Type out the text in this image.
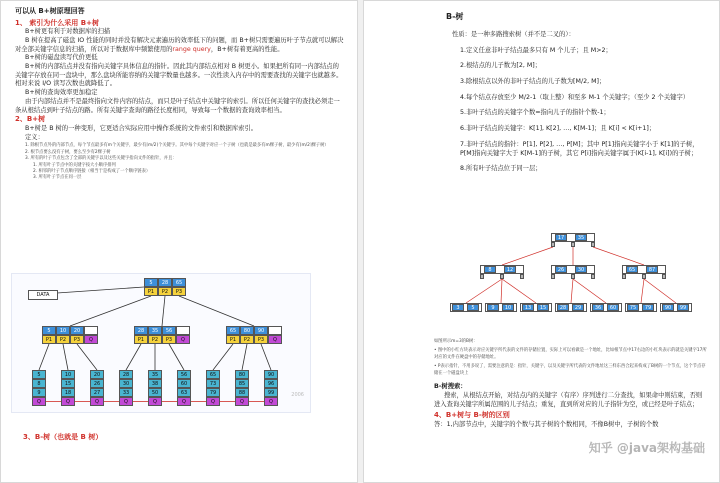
可以从 B+树原理回答
1、 索引为什么采用 B+树
B+树更有利于对数据库的扫描
B 树在提高了磁盘 IO 性能的同时并没有解决元素遍历的效率低下的问题，而 B+树只需要遍历叶子节点就可以解决对全部关键字信息的扫描，所以对于数据库中频繁使用的range query，B+树有着更高的性能。
B+树的磁盘读写代价更低
B+树的内部结点并没有指向关键字具体信息的指针。因此其内部结点相对 B 树更小。如果把所有同一内部结点的关键字存放在同一盘块中，那么盘块所能容纳的关键字数量也越多。一次性读入内存中的需要查找的关键字也就越多。相对来说 I/O 读写次数也就降低了。
B+树的查询效率更加稳定
由于内部结点并不是最终指向文件内容的结点，而只是叶子结点中关键字的索引。所以任何关键字的查找必须走一条从根结点到叶子结点的路。所有关键字查询的路径长度相同，导致每一个数据的查询效率相当。
2、B+树
B+树是 B 树的一种变形，它更适合实际应用中操作系统的文件索引和数据库索引。
定义：
1. 除根节点外的内部节点，每个节点最多有m个关键字，最少有⌈m/2⌉个关键字。其中每个关键字对应一个子树（也就是最多有m棵子树，最少有⌈m/2⌉棵子树）
2. 根节点要么没有子树，要么至少有2棵子树
3. 所有的叶子节点包含了全部的关键字以及这些关键字指向文件的指针，并且：
1. 所有叶子节点中的关键字按大小顺序排列
2. 相邻的叶子节点顺序链接（相当于是构成了一个顺序链表）
3. 所有叶子节点在同一层
DATA
5	28	65
P1	P2	P3
5	10	20
P1	P2	P3	Q
28	35	56
P1	P2	P3	Q
65	80	90
P1	P2	P3	Q
5
8
9
Q
10
15
18
Q
20
26
27
Q
28
30
33
Q
35
38
50
Q
56
60
63
Q
65
73
79
Q
80
85
88
Q
90
96
99
Q
2006
3、B-树（也就是 B 树）
B-树
性质：是一种多路搜索树（并不是二叉的）：
1.定义任意非叶子结点最多只有 M 个儿子；且 M>2；
2.根结点的儿子数为[2, M]；
3.除根结点以外的非叶子结点的儿子数为[M/2, M]；
4.每个结点存放至少 M/2-1（取上整）和至多 M-1 个关键字；（至少 2 个关键字）
5.非叶子结点的关键字个数=指向儿子的指针个数-1；
6.非叶子结点的关键字：K[1], K[2], …, K[M-1]；且 K[i] < K[i+1]；
7.非叶子结点的指针：P[1], P[2], …, P[M]；其中 P[1]指向关键字小于 K[1]的子树，P[M]指向关键字大于 K[M-1]的子树，其它 P[i]指向关键字属于(K[i-1], K[i])的子树；
8.所有叶子结点位于同一层；
17	35
8	12	26	30	65	87
3	5	9	10	13	15	28	29	36	60	75	79	90	99
如图所示m=3的B树：
• 图中的小红方块表示对应关键字所代表的文件的存储位置，实际上可以看做是一个地址，比如根节点中17右边的小红块表示的就是关键字17所对应的文件在硬盘中的存储地址。
• P表示指针，不用多说了，需要注意的是：指针，关键字，以及关键字所代表的文件地址这三样东西合起来构成了B树的一个节点，这个节点存储在一个磁盘块上
B-树搜索：
搜索，从根结点开始，对结点内的关键字（有序）序列进行二分查找，如果命中则结束，否则进入查询关键字所属范围的儿子结点；重复，直到所对应的儿子指针为空，或已经是叶子结点；
4、B+树与 B-树的区别
答：1,内部节点中，关键字的个数与其子树的个数相同，不像B树中，子树的个数
知乎 @java架构基础
